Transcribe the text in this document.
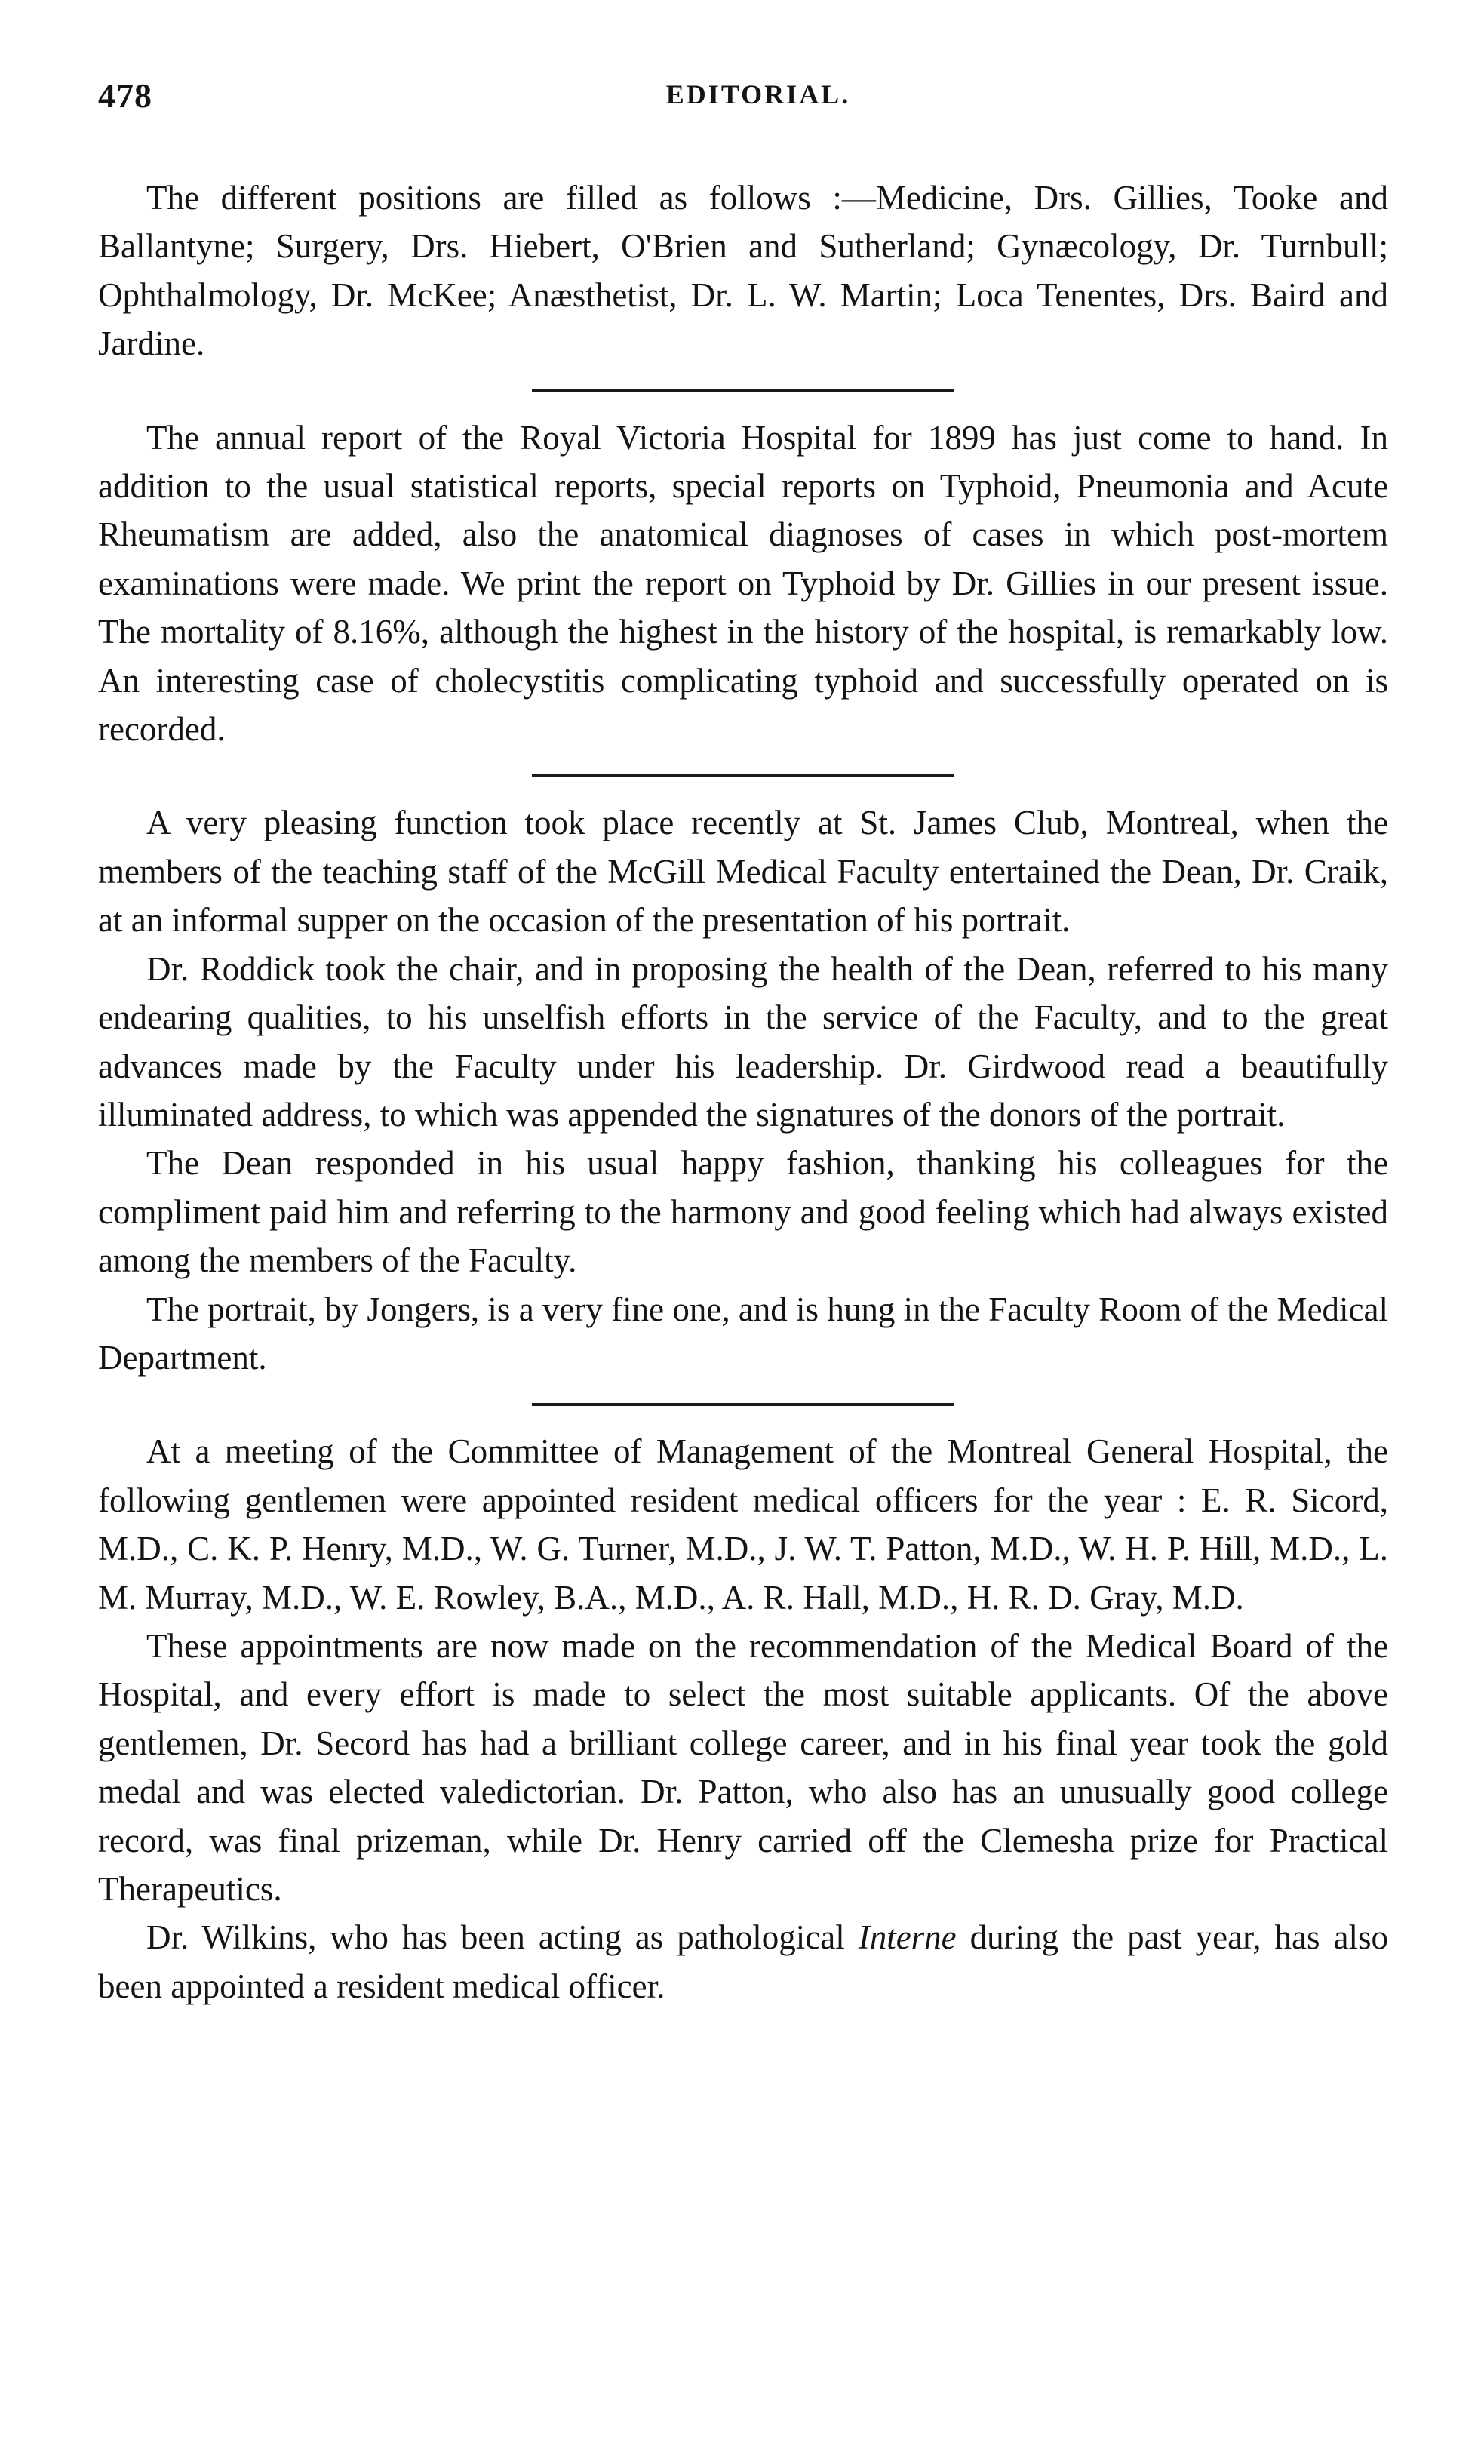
478	EDITORIAL.

The different positions are filled as follows :—Medicine, Drs. Gillies, Tooke and Ballantyne; Surgery, Drs. Hiebert, O'Brien and Sutherland; Gynæcology, Dr. Turnbull; Ophthalmology, Dr. McKee; Anæsthetist, Dr. L. W. Martin; Loca Tenentes, Drs. Baird and Jardine.

The annual report of the Royal Victoria Hospital for 1899 has just come to hand. In addition to the usual statistical reports, special reports on Typhoid, Pneumonia and Acute Rheumatism are added, also the anatomical diagnoses of cases in which post-mortem examinations were made. We print the report on Typhoid by Dr. Gillies in our present issue. The mortality of 8.16%, although the highest in the history of the hospital, is remarkably low. An interesting case of cholecystitis complicating typhoid and successfully operated on is recorded.

A very pleasing function took place recently at St. James Club, Montreal, when the members of the teaching staff of the McGill Medical Faculty entertained the Dean, Dr. Craik, at an informal supper on the occasion of the presentation of his portrait.

Dr. Roddick took the chair, and in proposing the health of the Dean, referred to his many endearing qualities, to his unselfish efforts in the service of the Faculty, and to the great advances made by the Faculty under his leadership. Dr. Girdwood read a beautifully illuminated address, to which was appended the signatures of the donors of the portrait.

The Dean responded in his usual happy fashion, thanking his colleagues for the compliment paid him and referring to the harmony and good feeling which had always existed among the members of the Faculty.

The portrait, by Jongers, is a very fine one, and is hung in the Faculty Room of the Medical Department.

At a meeting of the Committee of Management of the Montreal General Hospital, the following gentlemen were appointed resident medical officers for the year : E. R. Sicord, M.D., C. K. P. Henry, M.D., W. G. Turner, M.D., J. W. T. Patton, M.D., W. H. P. Hill, M.D., L. M. Murray, M.D., W. E. Rowley, B.A., M.D., A. R. Hall, M.D., H. R. D. Gray, M.D.

These appointments are now made on the recommendation of the Medical Board of the Hospital, and every effort is made to select the most suitable applicants. Of the above gentlemen, Dr. Secord has had a brilliant college career, and in his final year took the gold medal and was elected valedictorian. Dr. Patton, who also has an unusually good college record, was final prizeman, while Dr. Henry carried off the Clemesha prize for Practical Therapeutics.

Dr. Wilkins, who has been acting as pathological Interne during the past year, has also been appointed a resident medical officer.
